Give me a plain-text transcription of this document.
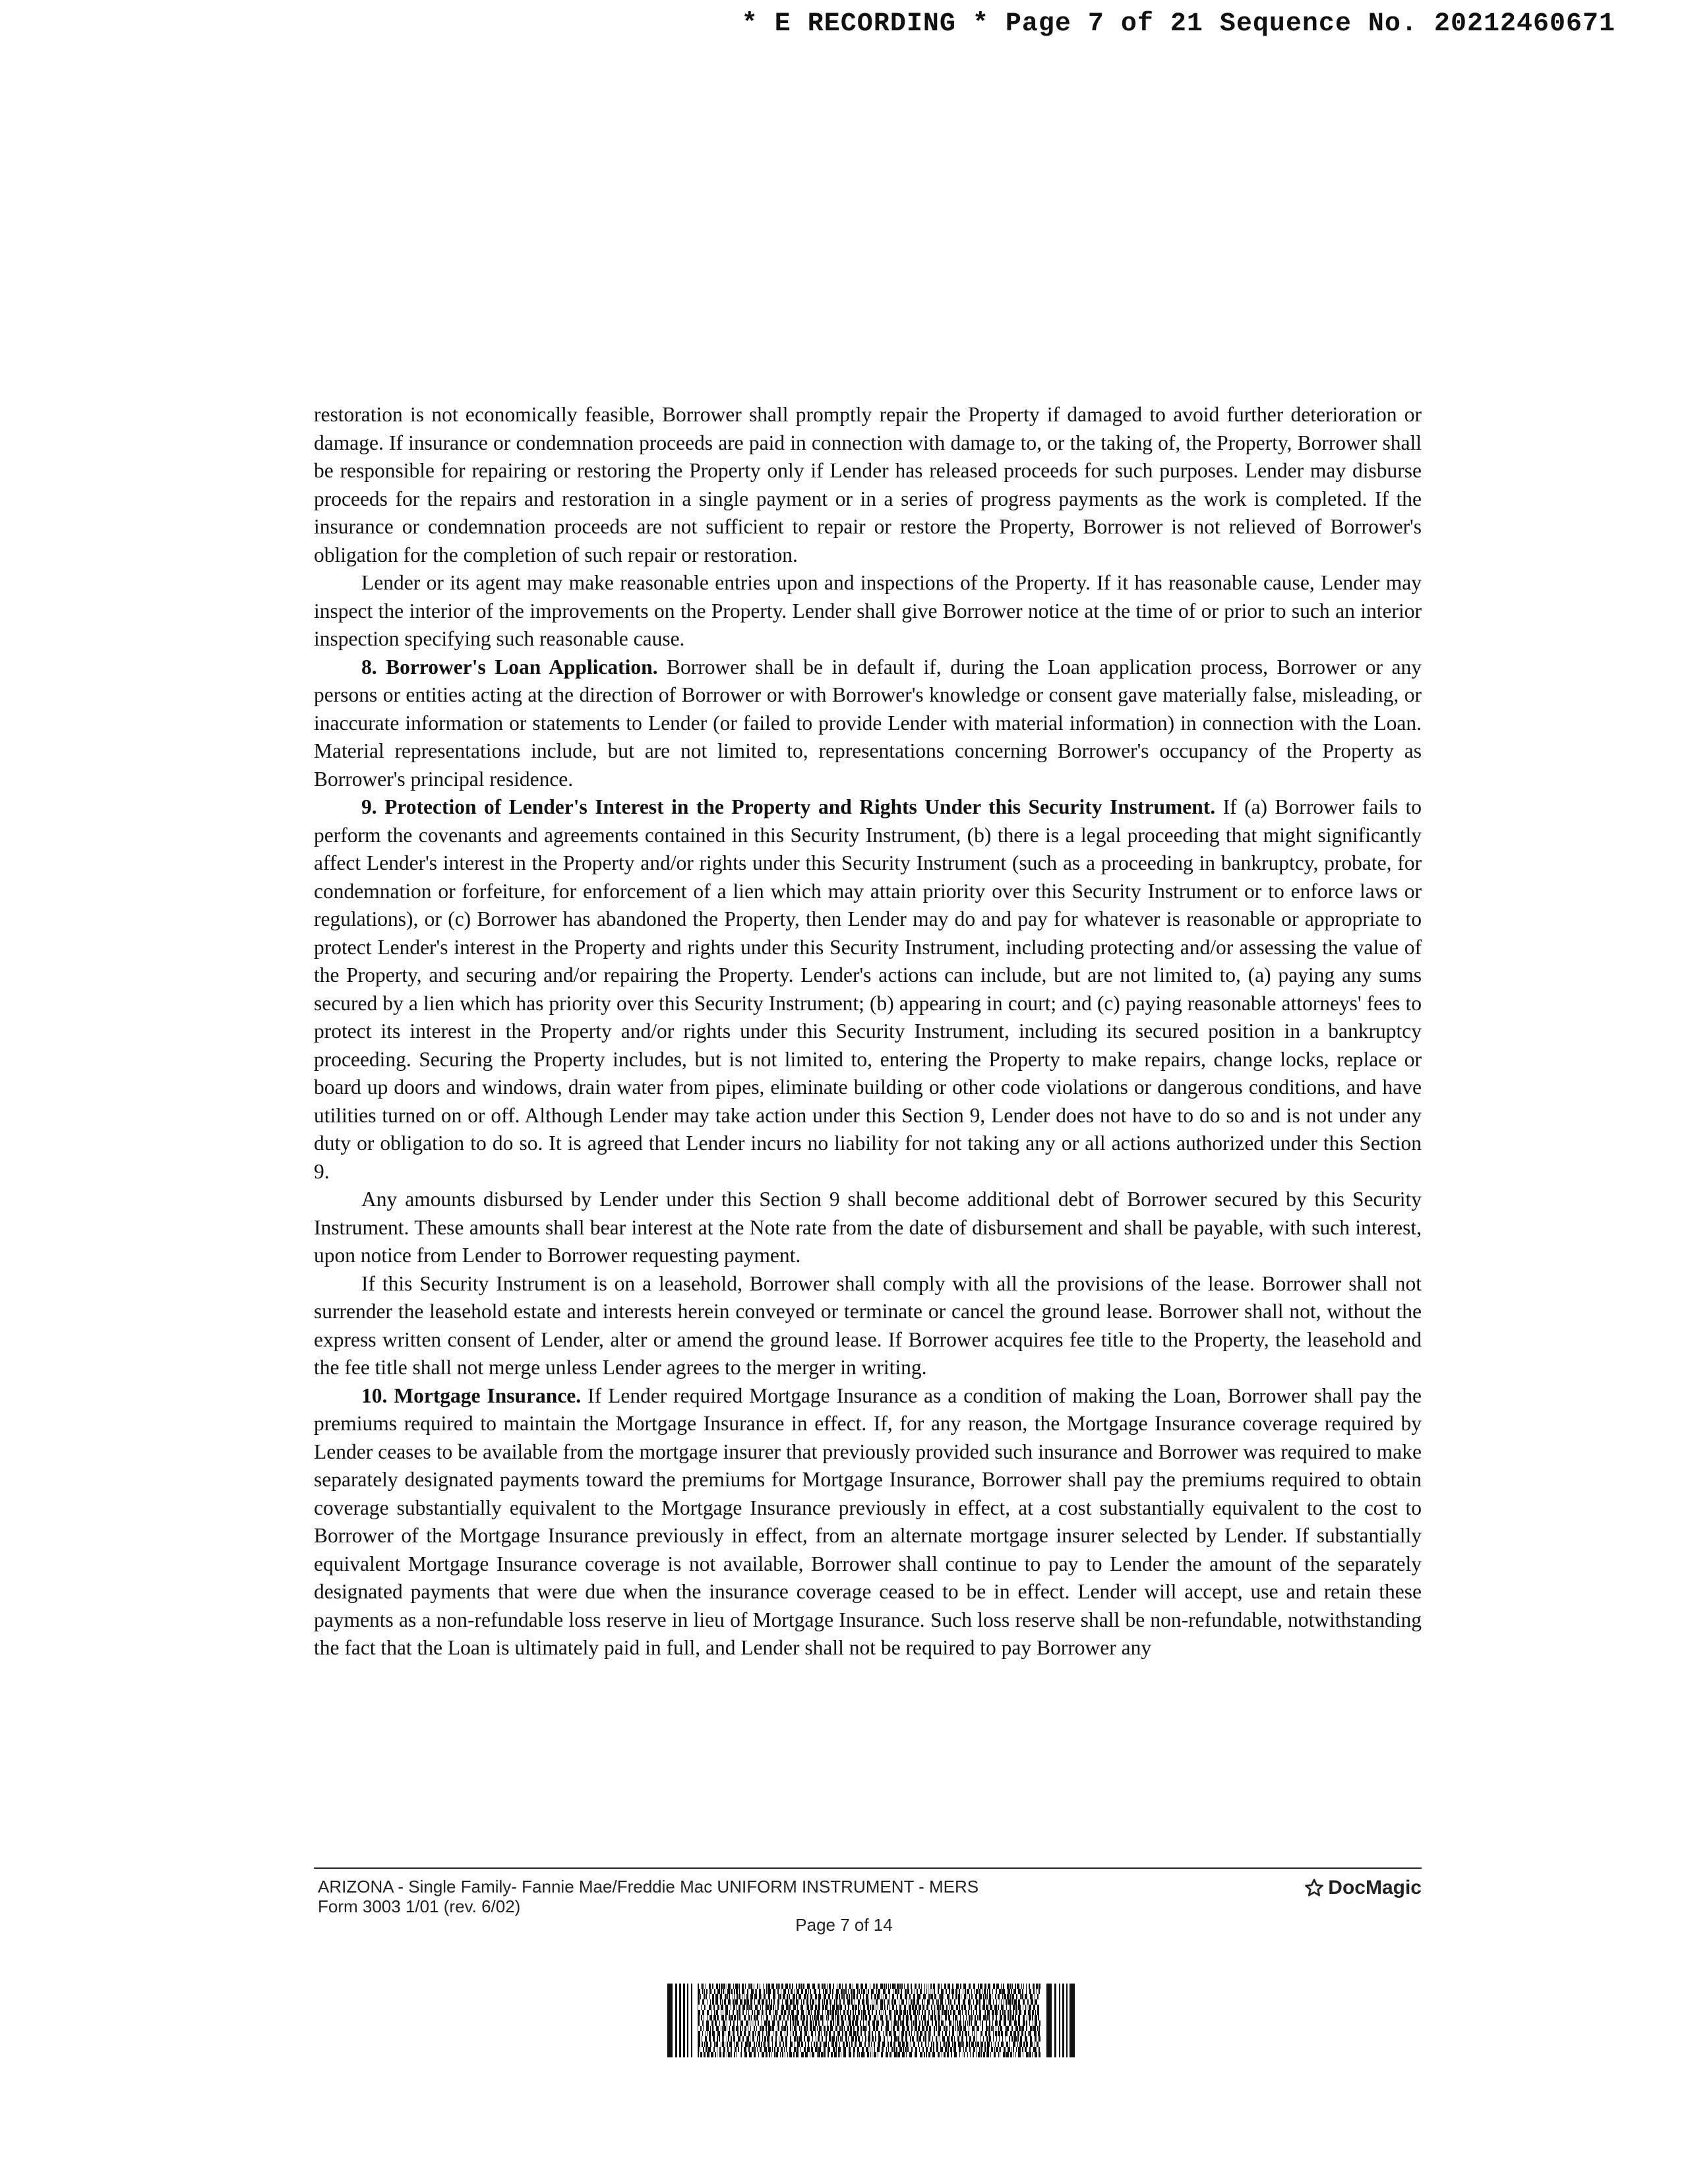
* E RECORDING * Page 7 of 21 Sequence No. 20212460671

restoration is not economically feasible, Borrower shall promptly repair the Property if damaged to avoid further deterioration or damage. If insurance or condemnation proceeds are paid in connection with damage to, or the taking of, the Property, Borrower shall be responsible for repairing or restoring the Property only if Lender has released proceeds for such purposes. Lender may disburse proceeds for the repairs and restoration in a single payment or in a series of progress payments as the work is completed. If the insurance or condemnation proceeds are not sufficient to repair or restore the Property, Borrower is not relieved of Borrower's obligation for the completion of such repair or restoration.

Lender or its agent may make reasonable entries upon and inspections of the Property. If it has reasonable cause, Lender may inspect the interior of the improvements on the Property. Lender shall give Borrower notice at the time of or prior to such an interior inspection specifying such reasonable cause.

8. Borrower's Loan Application. Borrower shall be in default if, during the Loan application process, Borrower or any persons or entities acting at the direction of Borrower or with Borrower's knowledge or consent gave materially false, misleading, or inaccurate information or statements to Lender (or failed to provide Lender with material information) in connection with the Loan. Material representations include, but are not limited to, representations concerning Borrower's occupancy of the Property as Borrower's principal residence.

9. Protection of Lender's Interest in the Property and Rights Under this Security Instrument. If (a) Borrower fails to perform the covenants and agreements contained in this Security Instrument, (b) there is a legal proceeding that might significantly affect Lender's interest in the Property and/or rights under this Security Instrument (such as a proceeding in bankruptcy, probate, for condemnation or forfeiture, for enforcement of a lien which may attain priority over this Security Instrument or to enforce laws or regulations), or (c) Borrower has abandoned the Property, then Lender may do and pay for whatever is reasonable or appropriate to protect Lender's interest in the Property and rights under this Security Instrument, including protecting and/or assessing the value of the Property, and securing and/or repairing the Property. Lender's actions can include, but are not limited to, (a) paying any sums secured by a lien which has priority over this Security Instrument; (b) appearing in court; and (c) paying reasonable attorneys' fees to protect its interest in the Property and/or rights under this Security Instrument, including its secured position in a bankruptcy proceeding. Securing the Property includes, but is not limited to, entering the Property to make repairs, change locks, replace or board up doors and windows, drain water from pipes, eliminate building or other code violations or dangerous conditions, and have utilities turned on or off. Although Lender may take action under this Section 9, Lender does not have to do so and is not under any duty or obligation to do so. It is agreed that Lender incurs no liability for not taking any or all actions authorized under this Section 9.

Any amounts disbursed by Lender under this Section 9 shall become additional debt of Borrower secured by this Security Instrument. These amounts shall bear interest at the Note rate from the date of disbursement and shall be payable, with such interest, upon notice from Lender to Borrower requesting payment.

If this Security Instrument is on a leasehold, Borrower shall comply with all the provisions of the lease. Borrower shall not surrender the leasehold estate and interests herein conveyed or terminate or cancel the ground lease. Borrower shall not, without the express written consent of Lender, alter or amend the ground lease. If Borrower acquires fee title to the Property, the leasehold and the fee title shall not merge unless Lender agrees to the merger in writing.

10. Mortgage Insurance. If Lender required Mortgage Insurance as a condition of making the Loan, Borrower shall pay the premiums required to maintain the Mortgage Insurance in effect. If, for any reason, the Mortgage Insurance coverage required by Lender ceases to be available from the mortgage insurer that previously provided such insurance and Borrower was required to make separately designated payments toward the premiums for Mortgage Insurance, Borrower shall pay the premiums required to obtain coverage substantially equivalent to the Mortgage Insurance previously in effect, at a cost substantially equivalent to the cost to Borrower of the Mortgage Insurance previously in effect, from an alternate mortgage insurer selected by Lender. If substantially equivalent Mortgage Insurance coverage is not available, Borrower shall continue to pay to Lender the amount of the separately designated payments that were due when the insurance coverage ceased to be in effect. Lender will accept, use and retain these payments as a non-refundable loss reserve in lieu of Mortgage Insurance. Such loss reserve shall be non-refundable, notwithstanding the fact that the Loan is ultimately paid in full, and Lender shall not be required to pay Borrower any

ARIZONA - Single Family- Fannie Mae/Freddie Mac UNIFORM INSTRUMENT - MERS
Form 3003 1/01 (rev. 6/02)
DocMagic
Page 7 of 14
